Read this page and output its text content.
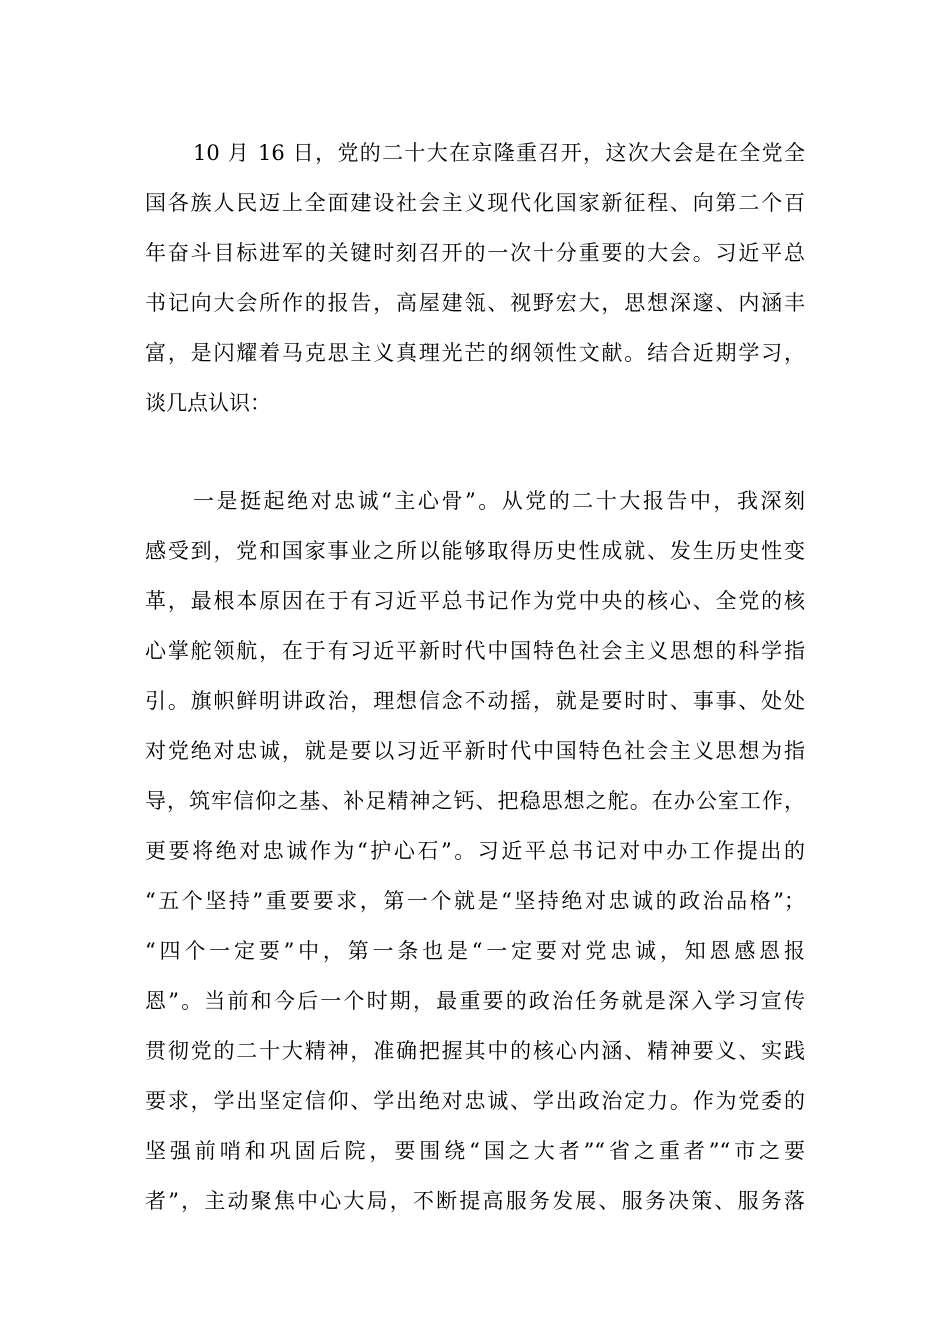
10 月 16 日，党的二十大在京隆重召开，这次大会是在全党全
国各族人民迈上全面建设社会主义现代化国家新征程、向第二个百
年奋斗目标进军的关键时刻召开的一次十分重要的大会。习近平总
书记向大会所作的报告，高屋建瓴、视野宏大，思想深邃、内涵丰
富，是闪耀着马克思主义真理光芒的纲领性文献。结合近期学习，
谈几点认识：
一是挺起绝对忠诚“主心骨”。从党的二十大报告中，我深刻
感受到，党和国家事业之所以能够取得历史性成就、发生历史性变
革，最根本原因在于有习近平总书记作为党中央的核心、全党的核
心掌舵领航，在于有习近平新时代中国特色社会主义思想的科学指
引。旗帜鲜明讲政治，理想信念不动摇，就是要时时、事事、处处
对党绝对忠诚，就是要以习近平新时代中国特色社会主义思想为指
导，筑牢信仰之基、补足精神之钙、把稳思想之舵。在办公室工作，
更要将绝对忠诚作为“护心石”。习近平总书记对中办工作提出的
“五个坚持”重要要求，第一个就是“坚持绝对忠诚的政治品格”；
“四个一定要”中，第一条也是“一定要对党忠诚，知恩感恩报
恩”。当前和今后一个时期，最重要的政治任务就是深入学习宣传
贯彻党的二十大精神，准确把握其中的核心内涵、精神要义、实践
要求，学出坚定信仰、学出绝对忠诚、学出政治定力。作为党委的
坚强前哨和巩固后院，要围绕“国之大者”“省之重者”“市之要
者”，主动聚焦中心大局，不断提高服务发展、服务决策、服务落
